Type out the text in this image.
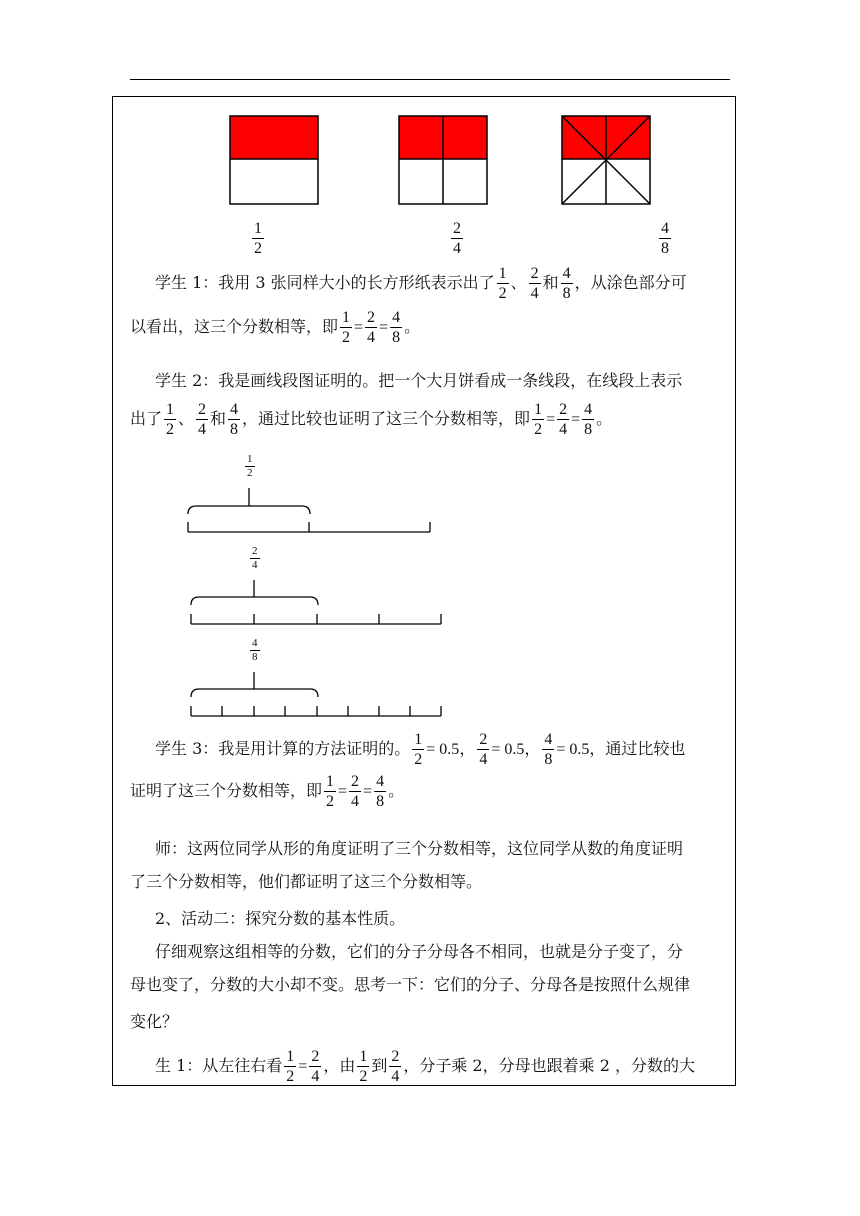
$\frac{1}{2}$	$\frac{2}{4}$	$\frac{4}{8}$
学生 1：我用 3 张同样大小的长方形纸表示出了 $\frac{1}{2}$ 、 $\frac{2}{4}$ 和 $\frac{4}{8}$ ，从涂色部分可
以看出，这三个分数相等，即 $\frac{1}{2} = \frac{2}{4} = \frac{4}{8}$ 。
学生 2：我是画线段图证明的。把一个大月饼看成一条线段，在线段上表示
出了 $\frac{1}{2}$ 、 $\frac{2}{4}$ 和 $\frac{4}{8}$ ，通过比较也证明了这三个分数相等，即 $\frac{1}{2} = \frac{2}{4} = \frac{4}{8}$ 。
$\frac{1}{2}$
$\frac{2}{4}$
$\frac{4}{8}$
学生 3：我是用计算的方法证明的。 $\frac{1}{2} = 0.5$， $\frac{2}{4} = 0.5$， $\frac{4}{8} = 0.5$，通过比较也
证明了这三个分数相等，即 $\frac{1}{2} = \frac{2}{4} = \frac{4}{8}$ 。
师：这两位同学从形的角度证明了三个分数相等，这位同学从数的角度证明
了三个分数相等，他们都证明了这三个分数相等。
2、活动二：探究分数的基本性质。
仔细观察这组相等的分数，它们的分子分母各不相同，也就是分子变了，分
母也变了，分数的大小却不变。思考一下：它们的分子、分母各是按照什么规律
变化？
生 1：从左往右看 $\frac{1}{2} = \frac{2}{4}$ ，由 $\frac{1}{2}$ 到 $\frac{2}{4}$ ，分子乘 2，分母也跟着乘 2 ，分数的大
